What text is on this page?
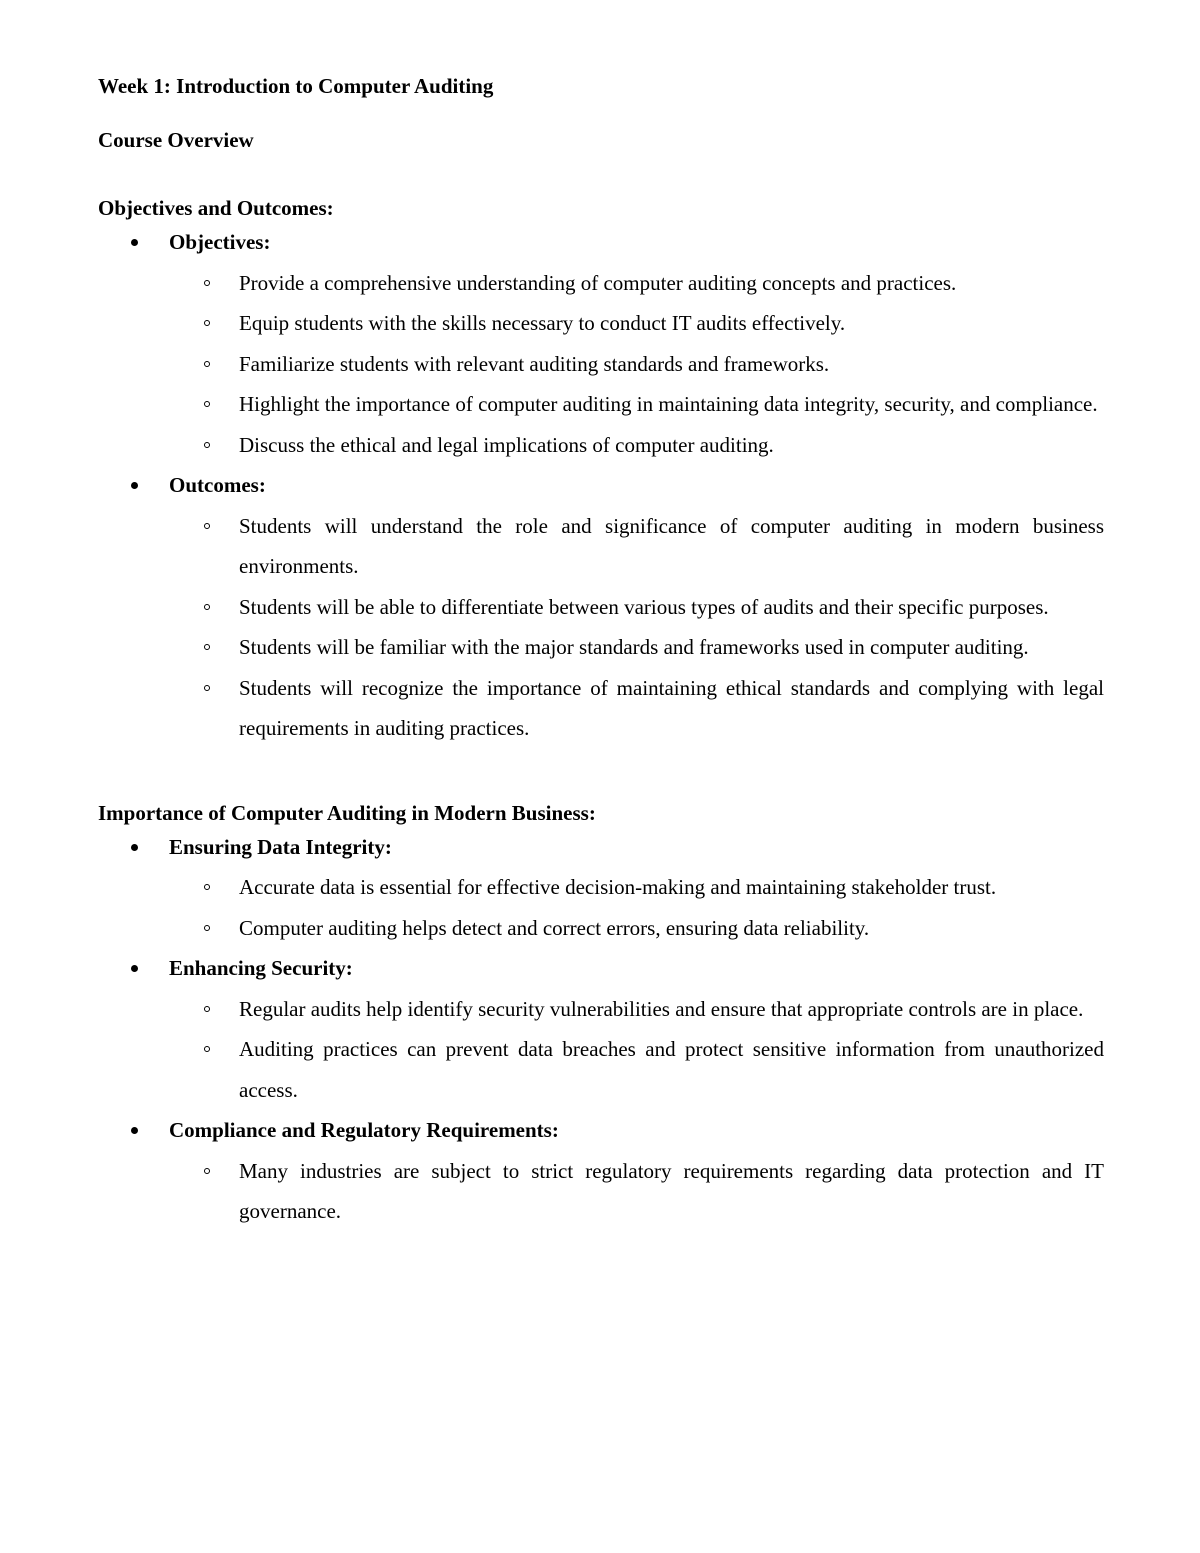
Week 1: Introduction to Computer Auditing

Course Overview

Objectives and Outcomes:

Objectives:
Provide a comprehensive understanding of computer auditing concepts and practices.
Equip students with the skills necessary to conduct IT audits effectively.
Familiarize students with relevant auditing standards and frameworks.
Highlight the importance of computer auditing in maintaining data integrity, security, and compliance.
Discuss the ethical and legal implications of computer auditing.
Outcomes:
Students will understand the role and significance of computer auditing in modern business environments.
Students will be able to differentiate between various types of audits and their specific purposes.
Students will be familiar with the major standards and frameworks used in computer auditing.
Students will recognize the importance of maintaining ethical standards and complying with legal requirements in auditing practices.

Importance of Computer Auditing in Modern Business:

Ensuring Data Integrity:
Accurate data is essential for effective decision-making and maintaining stakeholder trust.
Computer auditing helps detect and correct errors, ensuring data reliability.
Enhancing Security:
Regular audits help identify security vulnerabilities and ensure that appropriate controls are in place.
Auditing practices can prevent data breaches and protect sensitive information from unauthorized access.
Compliance and Regulatory Requirements:
Many industries are subject to strict regulatory requirements regarding data protection and IT governance.
